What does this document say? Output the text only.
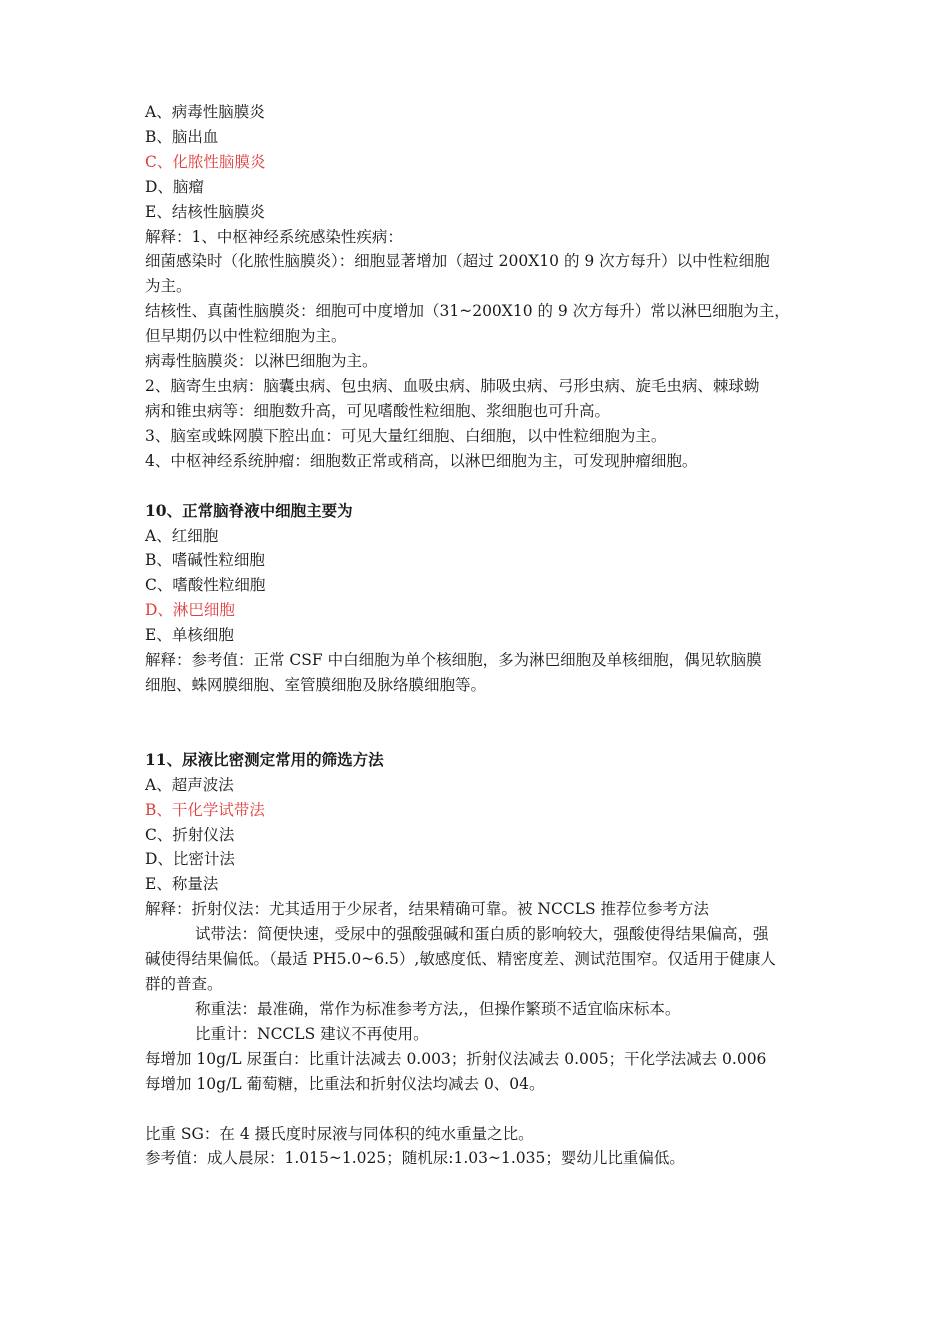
A、病毒性脑膜炎
B、脑出血
C、化脓性脑膜炎
D、脑瘤
E、结核性脑膜炎
解释：1、中枢神经系统感染性疾病：
细菌感染时（化脓性脑膜炎）：细胞显著增加（超过 200X10 的 9 次方每升）以中性粒细胞
为主。
结核性、真菌性脑膜炎：细胞可中度增加（31~200X10 的 9 次方每升）常以淋巴细胞为主，
但早期仍以中性粒细胞为主。
病毒性脑膜炎：以淋巴细胞为主。
2、脑寄生虫病：脑囊虫病、包虫病、血吸虫病、肺吸虫病、弓形虫病、旋毛虫病、棘球蚴
病和锥虫病等：细胞数升高，可见嗜酸性粒细胞、浆细胞也可升高。
3、脑室或蛛网膜下腔出血：可见大量红细胞、白细胞，以中性粒细胞为主。
4、中枢神经系统肿瘤：细胞数正常或稍高，以淋巴细胞为主，可发现肿瘤细胞。
10、正常脑脊液中细胞主要为
A、红细胞
B、嗜碱性粒细胞
C、嗜酸性粒细胞
D、淋巴细胞
E、单核细胞
解释：参考值：正常 CSF 中白细胞为单个核细胞，多为淋巴细胞及单核细胞，偶见软脑膜
细胞、蛛网膜细胞、室管膜细胞及脉络膜细胞等。
11、尿液比密测定常用的筛选方法
A、超声波法
B、干化学试带法
C、折射仪法
D、比密计法
E、称量法
解释：折射仪法：尤其适用于少尿者，结果精确可靠。被 NCCLS 推荐位参考方法
试带法：简便快速，受尿中的强酸强碱和蛋白质的影响较大，强酸使得结果偏高，强
碱使得结果偏低。（最适 PH5.0~6.5）,敏感度低、精密度差、测试范围窄。仅适用于健康人
群的普查。
称重法：最准确，常作为标准参考方法,，但操作繁琐不适宜临床标本。
比重计：NCCLS 建议不再使用。
每增加 10g/L 尿蛋白：比重计法减去 0.003；折射仪法减去 0.005；干化学法减去 0.006
每增加 10g/L 葡萄糖，比重法和折射仪法均减去 0、04。
比重 SG：在 4 摄氏度时尿液与同体积的纯水重量之比。
参考值：成人晨尿：1.015~1.025；随机尿:1.03~1.035；婴幼儿比重偏低。
